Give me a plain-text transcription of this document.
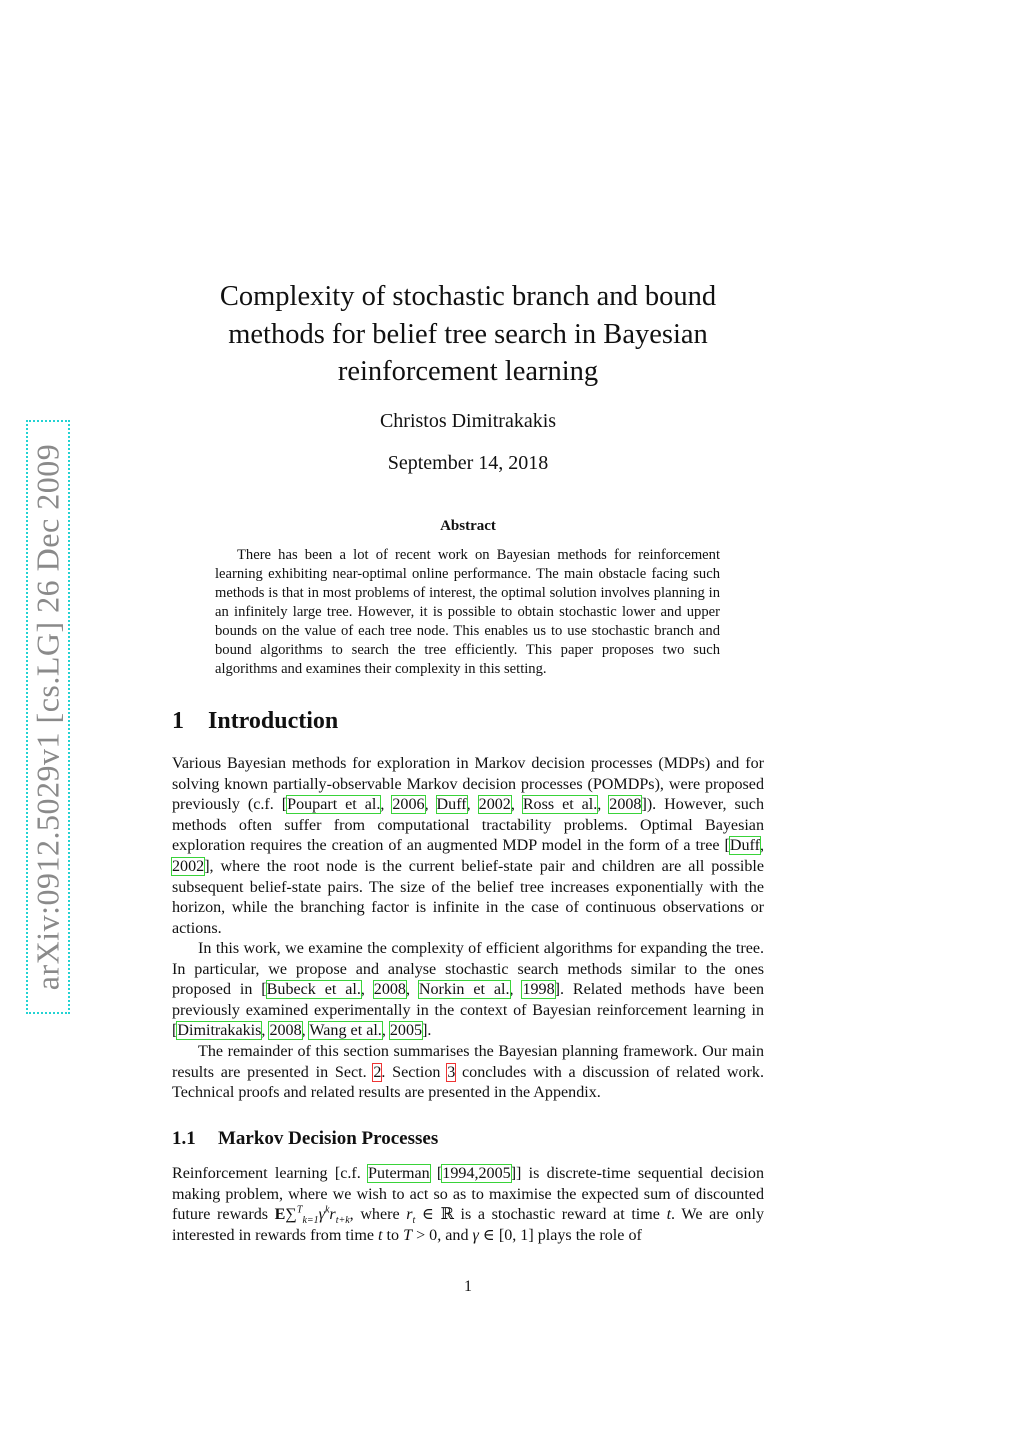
arXiv:0912.5029v1 [cs.LG] 26 Dec 2009
Complexity of stochastic branch and bound
methods for belief tree search in Bayesian
reinforcement learning
Christos Dimitrakakis
September 14, 2018
Abstract

There has been a lot of recent work on Bayesian methods for reinforcement learning exhibiting near-optimal online performance. The main obstacle facing such methods is that in most problems of interest, the optimal solution involves planning in an infinitely large tree. However, it is possible to obtain stochastic lower and upper bounds on the value of each tree node. This enables us to use stochastic branch and bound algorithms to search the tree efficiently. This paper proposes two such algorithms and examines their complexity in this setting.

1 Introduction

Various Bayesian methods for exploration in Markov decision processes (MDPs) and for solving known partially-observable Markov decision processes (POMDPs), were proposed previously (c.f. [Poupart et al., 2006, Duff, 2002, Ross et al., 2008]). However, such methods often suffer from computational tractability problems. Optimal Bayesian exploration requires the creation of an augmented MDP model in the form of a tree [Duff, 2002], where the root node is the current belief-state pair and children are all possible subsequent belief-state pairs. The size of the belief tree increases exponentially with the horizon, while the branching factor is infinite in the case of continuous observations or actions.

In this work, we examine the complexity of efficient algorithms for expanding the tree. In particular, we propose and analyse stochastic search methods similar to the ones proposed in [Bubeck et al., 2008, Norkin et al., 1998]. Related methods have been previously examined experimentally in the context of Bayesian reinforcement learning in [Dimitrakakis, 2008, Wang et al., 2005].

The remainder of this section summarises the Bayesian planning framework. Our main results are presented in Sect. 2. Section 3 concludes with a discussion of related work. Technical proofs and related results are presented in the Appendix.

1.1 Markov Decision Processes

Reinforcement learning [c.f. Puterman [1994,2005]] is discrete-time sequential decision making problem, where we wish to act so as to maximise the expected sum of discounted future rewards $E\sum^T_{k=1}\gamma^kr_{t+k}$, where $r_t$ ∈ ℝ is a stochastic reward at time t. We are only interested in rewards from time t to T > 0, and γ ∈ [0, 1] plays the role of

1
